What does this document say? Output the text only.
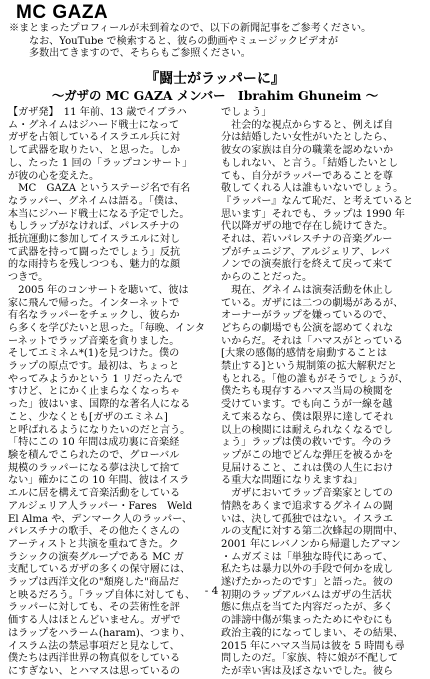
MC GAZA

※まとまったプロフィールが未到着なので、以下の新聞記事をご参考ください。

なお、YouTube で検索すると、彼らの動画やミュージックビデオが

多数出てきますので、そちらもご参照ください。

『闘士がラッパーに』
～ガザの MC GAZA メンバー　Ibrahim Ghuneim ～

【ガザ発】　11 年前、13 歳でイブラハ

ム・グネイムはジハード戦士になって

ガザを占領しているイスラエル兵に対

して武器を取りたい、と思った。しか

し、たった 1 回の「ラップコンサート」

が彼の心を変えた。

　MC　GAZA というステージ名で有名

なラッパー、グネイムは語る。「僕は、

本当にジハード戦士になる予定でした。

もしラップがなければ、パレスチナの

抵抗運動に参加してイスラエルに対し

て武器を持って闘ったでしょう」反抗

的な雨持ちを残しつつも、魅力的な顔

つきで。

　2005 年のコンサートを聴いて、彼は

家に飛んで帰った。インターネットで

有名なラッパーをチェックし、彼らか

ら多くを学びたいと思った。「毎晩、インタ

ーネットでラップ音楽を貪りました。

そしてエミネム*(1)を見つけた。僕の

ラップの原点です。最初は、ちょっと

やってみようかという 1 リだったんで

すけど、とにかく止まらなくなっちゃ

った」彼はいま、国際的な著名人になる

こと、少なくとも[ガザのエミネム]

と呼ばれるようになりたいのだと言う。

「特にこの 10 年間は成功裏に音楽経

験を積んでこられたので、グローバル

規模のラッパーになる夢は決して捨て

ない」確かにこの 10 年間、彼はイスラ

エルに居を構えて音楽活動をしている

アルジェリア人ラッパー・Fares　Weld

El Alma や、デンマーク人のラッパー、

パレスチナの歌手、その他たくさんの

アーティストと共演を重ねてきた。ク

ラシックの演奏グループである MC ガ

支配しているガザの多くの保守層には、

ラップは西洋文化の"頽廃した"商品だ

と映るだろう。「ラップ自体に対しても、

ラッパーに対しても、その芸術性を評

価する人はほとんどいません。ガザで

はラップをハラーム(haram)、つまり、

イスラム法の禁忌事項だと見なして、

僕たちは西洋世界の物真似をしている

にすぎない、とハマスは思っているの

でしょう」

　社会的な視点からすると、例えば自

分は結婚したい女性がいたとしたら、

彼女の家族は自分の職業を認めないか

もしれない、と言う。「結婚したいとし

ても、自分がラッパーであることを尊

敬してくれる人は誰もいないでしょう。

『ラッパー』なんて恥だ、と考えていると

思います」それでも、ラップは 1990 年

代以降ガザの地で存在し続けてきた。

それは、若いパレスチナの音楽グルー

プがチュニジア、アルジェリア、レバ

ノンでの演奏旅行を終えて戻って来て

からのことだった。

　現在、グネイムは演奏活動を休止し

ている。ガザには二つの劇場があるが、

オーナーがラップを嫌っているので、

どちらの劇場でも公演を認めてくれな

いからだ。それは「ハマスがとっている

[大衆の感傷的感情を扇動することは

禁止する]という規制策の拡大解釈だと

もとれる。「他の誰もがそうでしょうが、

僕たちも現存するハマス当局の検閲を

受けています。でも向こうが一線を越

えて来るなら、僕は限界に達してそれ

以上の検閲には耐えられなくなるでし

ょう」ラップは僕の救いです。今のラ

ップがこの地でどんな弾圧を被るかを

見届けること、これは僕の人生におけ

る重大な問題になりえますね」

　ガザにおいてラップ音楽家としての

情熱をあくまで追求するグネイムの闘

いは、決して孤独ではない。イスラエ

ルの支配に対する第二次蜂起の期間中、

2001 年にレバノンから帰還したアマン

・ムガズミは「単独な時代にあって、

私たちは暴力以外の手段で何かを成し

遂げたかったのです」と語った。彼の

初期のラップアルバムはガザの生活状

態に焦点を当てた内容だったが、多く

の誹謗中傷が集まったためにやむにも

政治主義的になってしまい、その結果、

2015 年にハマス当局は彼を 5 時間も尋

問したのだ。「家族、特に娘が不配して

たが幸い害は及ぼさないでした。彼ら

- 4 -
